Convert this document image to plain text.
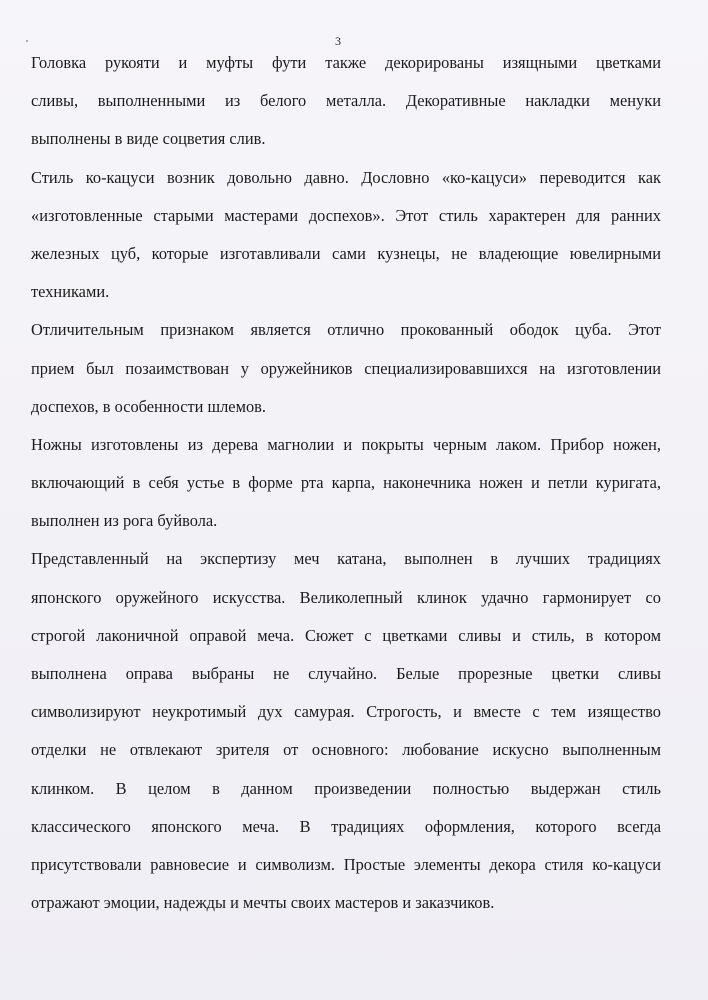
3
Головка рукояти и муфты фути также декорированы изящными цветками
сливы, выполненными из белого металла. Декоративные накладки менуки
выполнены в виде соцветия слив.
Стиль ко-кацуси возник довольно давно. Дословно «ко-кацуси» переводится как
«изготовленные старыми мастерами доспехов». Этот стиль характерен для ранних
железных цуб, которые изготавливали сами кузнецы, не владеющие ювелирными
техниками.
Отличительным признаком является отлично прокованный ободок цуба. Этот
прием был позаимствован у оружейников специализировавшихся на изготовлении
доспехов, в особенности шлемов.
Ножны изготовлены из дерева магнолии и покрыты черным лаком. Прибор ножен,
включающий в себя устье в форме рта карпа, наконечника ножен и петли куригата,
выполнен из рога буйвола.
Представленный на экспертизу меч катана, выполнен в лучших традициях
японского оружейного искусства. Великолепный клинок удачно гармонирует со
строгой лаконичной оправой меча. Сюжет с цветками сливы и стиль, в котором
выполнена оправа выбраны не случайно. Белые прорезные цветки сливы
символизируют неукротимый дух самурая. Строгость, и вместе с тем изящество
отделки не отвлекают зрителя от основного: любование искусно выполненным
клинком. В целом в данном произведении полностью выдержан стиль
классического японского меча. В традициях оформления, которого всегда
присутствовали равновесие и символизм. Простые элементы декора стиля ко-кацуси
отражают эмоции, надежды и мечты своих мастеров и заказчиков.
